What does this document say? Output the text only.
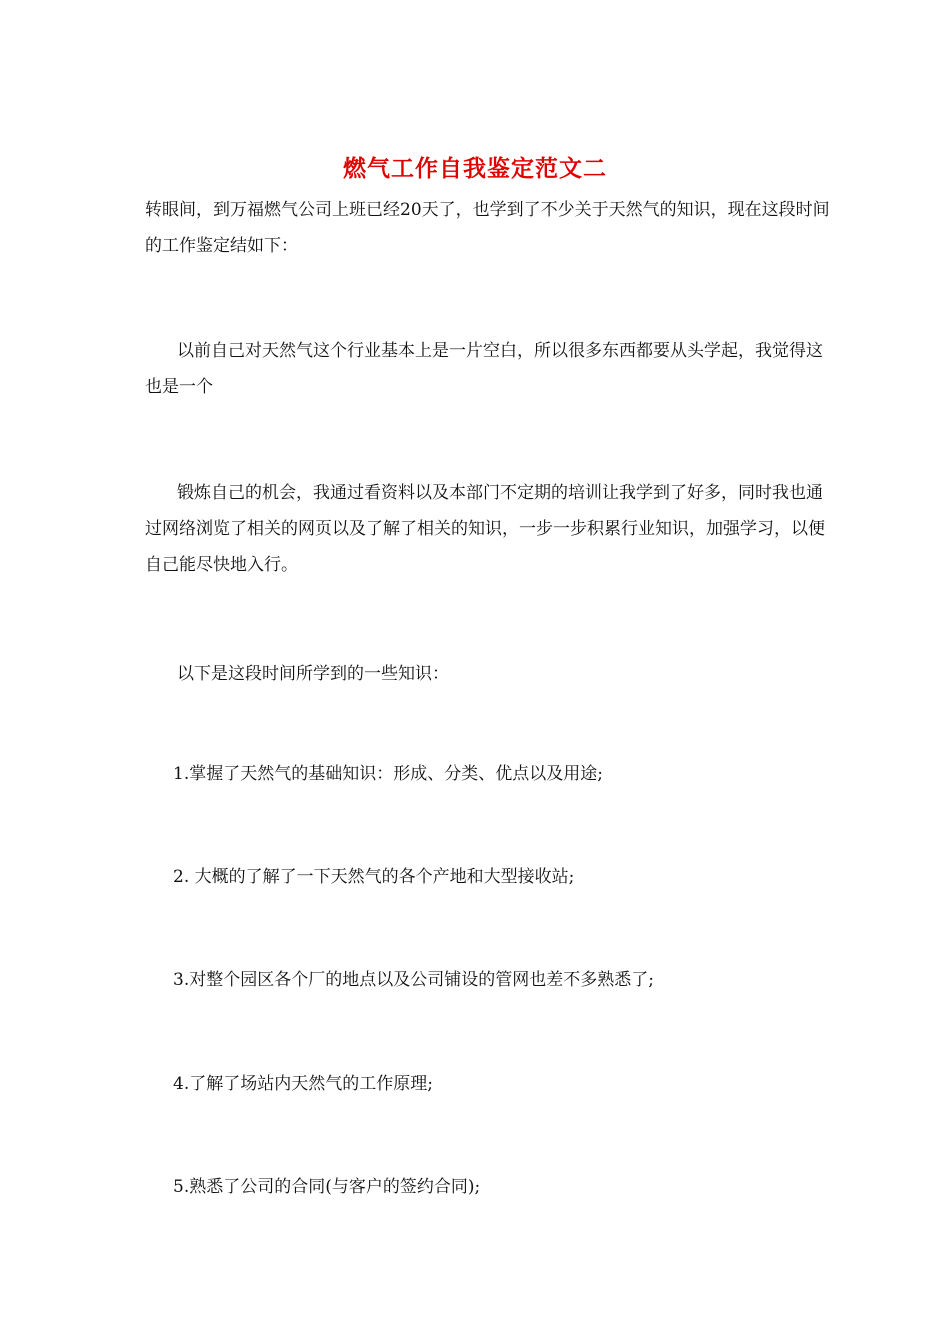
燃气工作自我鉴定范文二

转眼间，到万福燃气公司上班已经20天了，也学到了不少关于天然气的知识，现在这段时间的工作鉴定结如下：

以前自己对天然气这个行业基本上是一片空白，所以很多东西都要从头学起，我觉得这也是一个

锻炼自己的机会，我通过看资料以及本部门不定期的培训让我学到了好多，同时我也通过网络浏览了相关的网页以及了解了相关的知识，一步一步积累行业知识，加强学习，以便自己能尽快地入行。

以下是这段时间所学到的一些知识：

1.掌握了天然气的基础知识：形成、分类、优点以及用途;

2. 大概的了解了一下天然气的各个产地和大型接收站;

3.对整个园区各个厂的地点以及公司铺设的管网也差不多熟悉了;

4.了解了场站内天然气的工作原理;

5.熟悉了公司的合同(与客户的签约合同);
